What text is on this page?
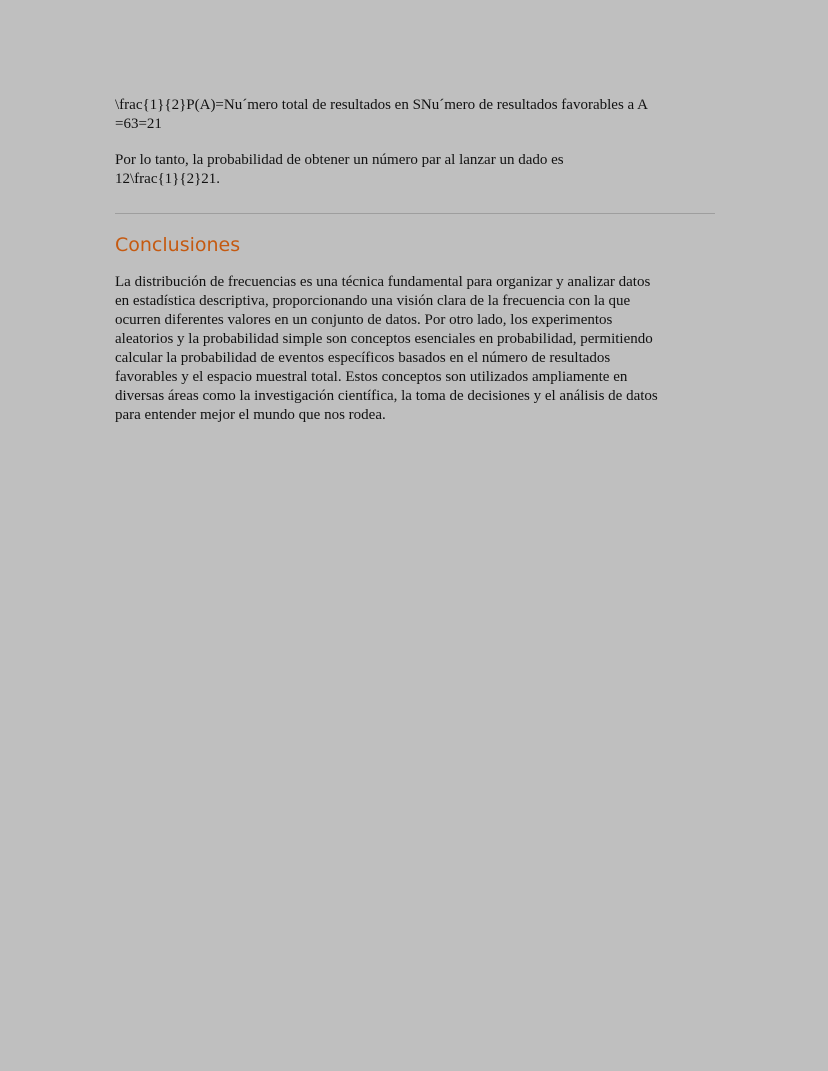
\frac{1}{2}P(A)=Nu´mero total de resultados en SNu´mero de resultados favorables a A
=63=21

Por lo tanto, la probabilidad de obtener un número par al lanzar un dado es
12\frac{1}{2}21.

Conclusiones

La distribución de frecuencias es una técnica fundamental para organizar y analizar datos
en estadística descriptiva, proporcionando una visión clara de la frecuencia con la que
ocurren diferentes valores en un conjunto de datos. Por otro lado, los experimentos
aleatorios y la probabilidad simple son conceptos esenciales en probabilidad, permitiendo
calcular la probabilidad de eventos específicos basados en el número de resultados
favorables y el espacio muestral total. Estos conceptos son utilizados ampliamente en
diversas áreas como la investigación científica, la toma de decisiones y el análisis de datos
para entender mejor el mundo que nos rodea.
